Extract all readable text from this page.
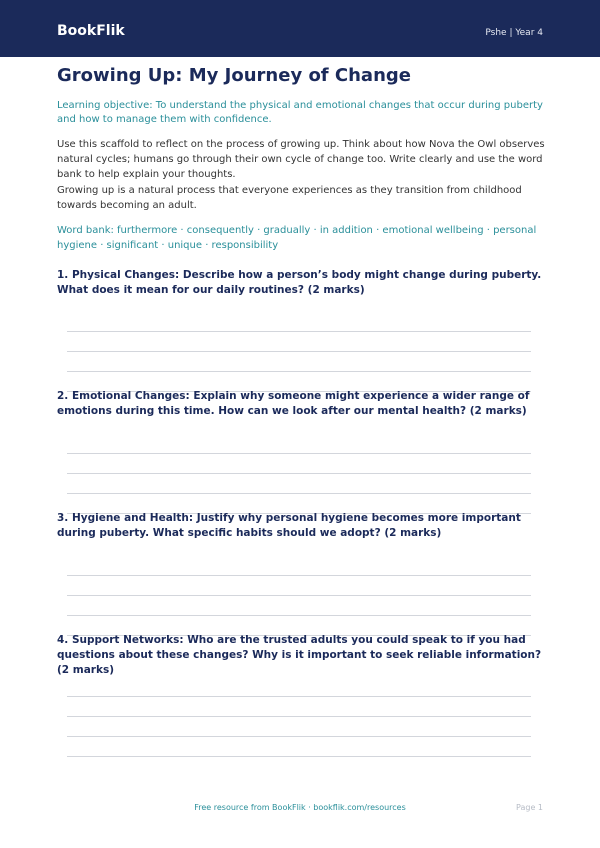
BookFlik	Pshe | Year 4
Growing Up: My Journey of Change
Learning objective: To understand the physical and emotional changes that occur during puberty and how to manage them with confidence.
Use this scaffold to reflect on the process of growing up. Think about how Nova the Owl observes natural cycles; humans go through their own cycle of change too. Write clearly and use the word bank to help explain your thoughts.
Growing up is a natural process that everyone experiences as they transition from childhood towards becoming an adult.
Word bank: furthermore · consequently · gradually · in addition · emotional wellbeing · personal hygiene · significant · unique · responsibility
1. Physical Changes: Describe how a person’s body might change during puberty. What does it mean for our daily routines? (2 marks)
2. Emotional Changes: Explain why someone might experience a wider range of emotions during this time. How can we look after our mental health? (2 marks)
3. Hygiene and Health: Justify why personal hygiene becomes more important during puberty. What specific habits should we adopt? (2 marks)
4. Support Networks: Who are the trusted adults you could speak to if you had questions about these changes? Why is it important to seek reliable information? (2 marks)
Free resource from BookFlik · bookflik.com/resources	Page 1
